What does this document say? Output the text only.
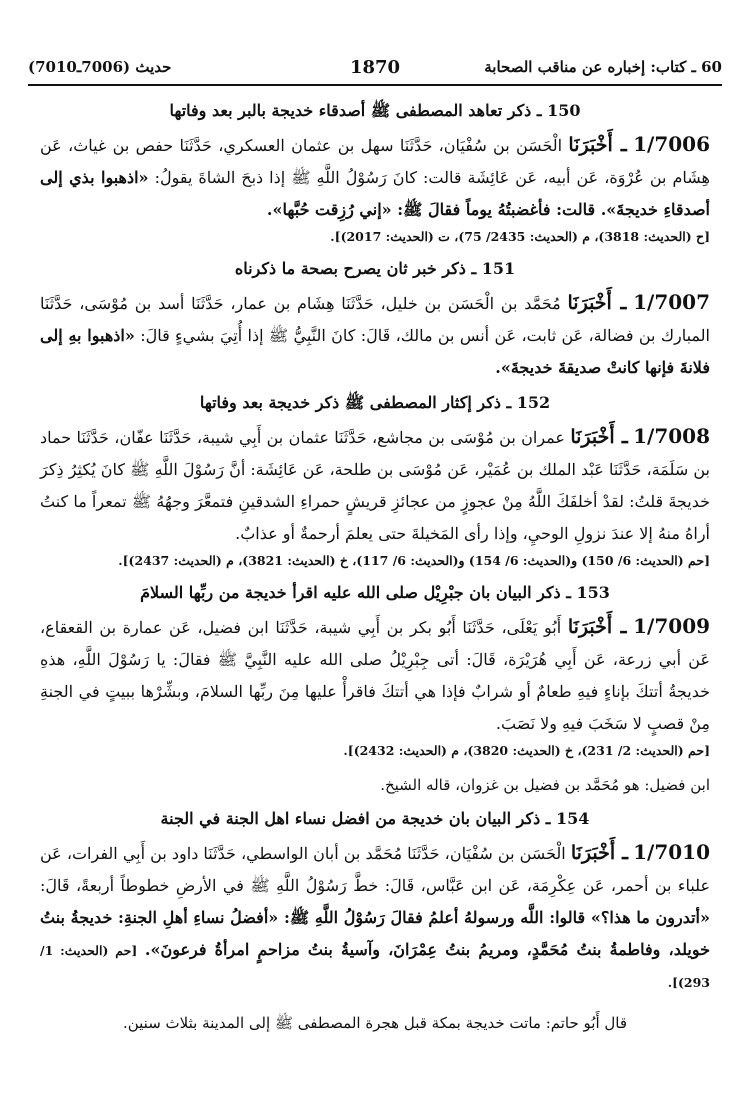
حديث (7006ـ7010)	1870	60 ـ كتاب: إخباره عن مناقب الصحابة

150 ـ ذكر تعاهد المصطفى ﷺ أصدقاء خديجة بالبر بعد وفاتها

1/7006 ـ أَخْبَرَنَا الْحَسَن بن سُفْيَان، حَدَّثَنَا سهل بن عثمان العسكري، حَدَّثَنَا حفص بن غياث، عَن هِشَام بن عُرْوَة، عَن أبيه، عَن عَائِشَة قالت: كانَ رَسُوْلُ اللَّهِ ﷺ إذا ذبحَ الشاةَ يقولُ: «اذهبوا بذي إلى أصدقاءِ خديجةَ». قالت: فأغضبتُهُ يوماً فقالَ ﷺ: «إني رُزِقت حُبَّها».

[ح (الحديث: 3818)، م (الحديث: 2435/ 75)، ت (الحديث: 2017)].

151 ـ ذكر خبر ثان يصرح بصحة ما ذكرناه

1/7007 ـ أَخْبَرَنَا مُحَمَّد بن الْحَسَن بن خليل، حَدَّثَنَا هِشَام بن عمار، حَدَّثَنَا أسد بن مُوْسَى، حَدَّثَنَا المبارك بن فضالة، عَن ثابت، عَن أنس بن مالك، قَالَ: كانَ النَّبِيُّ ﷺ إذا أُتِيَ بشيءٍ قالَ: «اذهبوا بهِ إلى فلانةَ فإنها كانتْ صديقةَ خديجةَ».

152 ـ ذكر إكثار المصطفى ﷺ ذكر خديجة بعد وفاتها

1/7008 ـ أَخْبَرَنَا عمران بن مُوْسَى بن مجاشع، حَدَّثَنَا عثمان بن أَبِي شيبة، حَدَّثَنَا عفّان، حَدَّثَنَا حماد بن سَلَمَة، حَدَّثَنَا عَبْد الملك بن عُمَيْر، عَن مُوْسَى بن طلحة، عَن عَائِشَة: أنَّ رَسُوْلَ اللَّهِ ﷺ كانَ يُكثِرُ ذِكرَ خديجةَ قلتُ: لقدْ أخلفَكَ اللَّهُ مِنْ عجوزٍ من عجائزِ قريشٍ حمراءِ الشدقينِ فتمعَّرَ وجهُهُ ﷺ تمعراً ما كنتُ أراهُ منهُ إلا عندَ نزولِ الوحيِ، وإذا رأى المَخيلةَ حتى يعلمَ أرحمةٌ أو عذابٌ.

[حم (الحديث: 6/ 150) و(الحديث: 6/ 154) و(الحديث: 6/ 117)، خ (الحديث: 3821)، م (الحديث: 2437)].

153 ـ ذكر البيان بان جبْرِيْل صلى الله عليه اقرأ خديجة من ربِّها السلامَ

1/7009 ـ أَخْبَرَنَا أَبُو يَعْلَى، حَدَّثَنَا أَبُو بكر بن أَبِي شيبة، حَدَّثَنَا ابن فضيل، عَن عمارة بن القعقاع، عَن أبي زرعة، عَن أَبِي هُرَيْرَة، قَالَ: أتى جِبْرِيْلُ صلى الله عليه النَّبِيَّ ﷺ فقالَ: يا رَسُوْلَ اللَّهِ، هذهِ خديجةُ أتتكَ بإناءٍ فيهِ طعامٌ أو شرابٌ فإذا هي أتتكَ فاقرأْ عليها مِنَ ربِّها السلامَ، وبشِّرْها ببيتٍ في الجنةِ مِنْ قصبٍ لا سَخَبَ فيهِ ولا نَصَبَ.

[حم (الحديث: 2/ 231)، خ (الحديث: 3820)، م (الحديث: 2432)].

ابن فضيل: هو مُحَمَّد بن فضيل بن غزوان، قاله الشيخ.

154 ـ ذكر البيان بان خديجة من افضل نساء اهل الجنة في الجنة

1/7010 ـ أَخْبَرَنَا الْحَسَن بن سُفْيَان، حَدَّثَنَا مُحَمَّد بن أبان الواسطي، حَدَّثَنَا داود بن أَبِي الفرات، عَن علباء بن أحمر، عَن عِكْرِمَة، عَن ابن عَبَّاس، قَالَ: خطَّ رَسُوْلُ اللَّهِ ﷺ في الأرضِ خطوطاً أربعةً، قَالَ: «أتدرون ما هذا؟» قالوا: اللَّه ورسولهُ أعلمُ فقالَ رَسُوْلُ اللَّهِ ﷺ: «أفضلُ نساءِ أهلِ الجنةِ: خديجةُ بنتُ خويلد، وفاطمةُ بنتُ مُحَمَّدٍ، ومريمُ بنتُ عِمْرَانَ، وآسيةُ بنتُ مزاحمٍ امرأةُ فرعونَ». [حم (الحديث: 1/ 293)].

قال أَبُو حاتم: ماتت خديجة بمكة قبل هجرة المصطفى ﷺ إلى المدينة بثلاث سنين.
